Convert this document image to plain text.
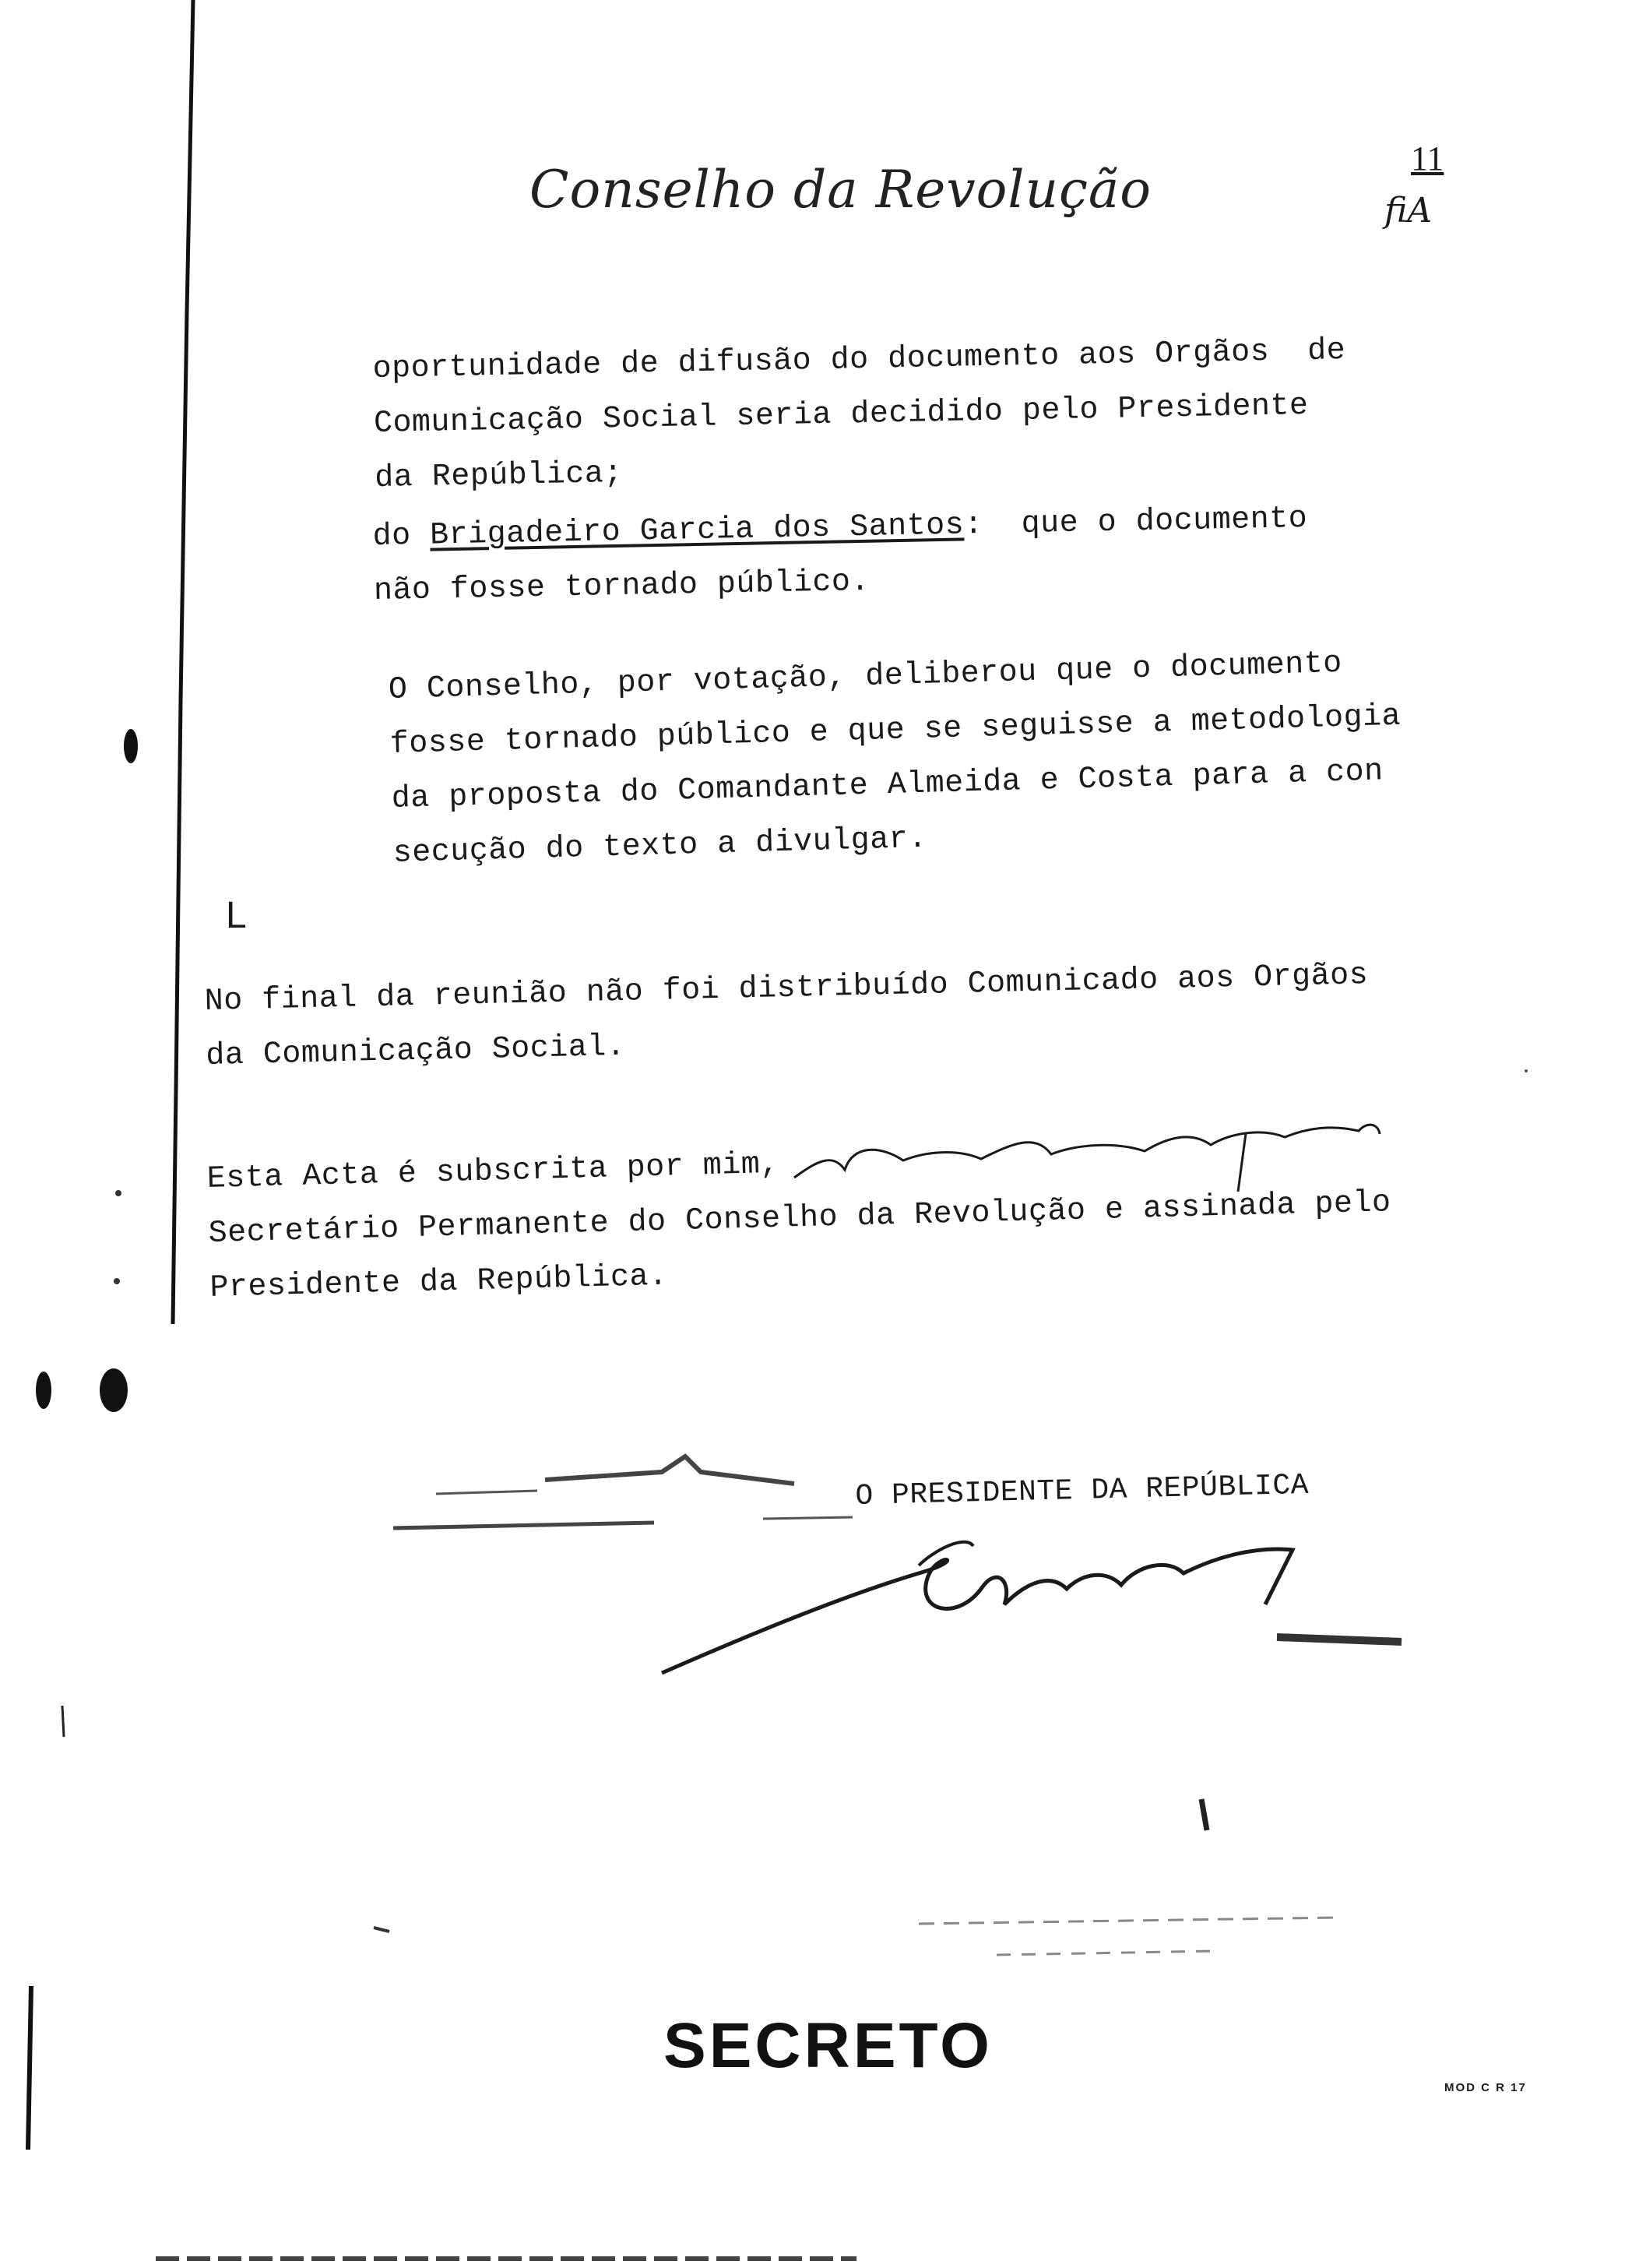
Conselho da Revolução
11
fiA
oportunidade de difusão do documento aos Orgãos  de
Comunicação Social seria decidido pelo Presidente
da República;
do Brigadeiro Garcia dos Santos:  que o documento
não fosse tornado público.
O Conselho, por votação, deliberou que o documento
fosse tornado público e que se seguisse a metodologia
da proposta do Comandante Almeida e Costa para a con
secução do texto a divulgar.
L
No final da reunião não foi distribuído Comunicado aos Orgãos
da Comunicação Social.
Esta Acta é subscrita por mim,
Secretário Permanente do Conselho da Revolução e assinada pelo
Presidente da República.
O PRESIDENTE DA REPÚBLICA
SECRETO
MOD C R 17
